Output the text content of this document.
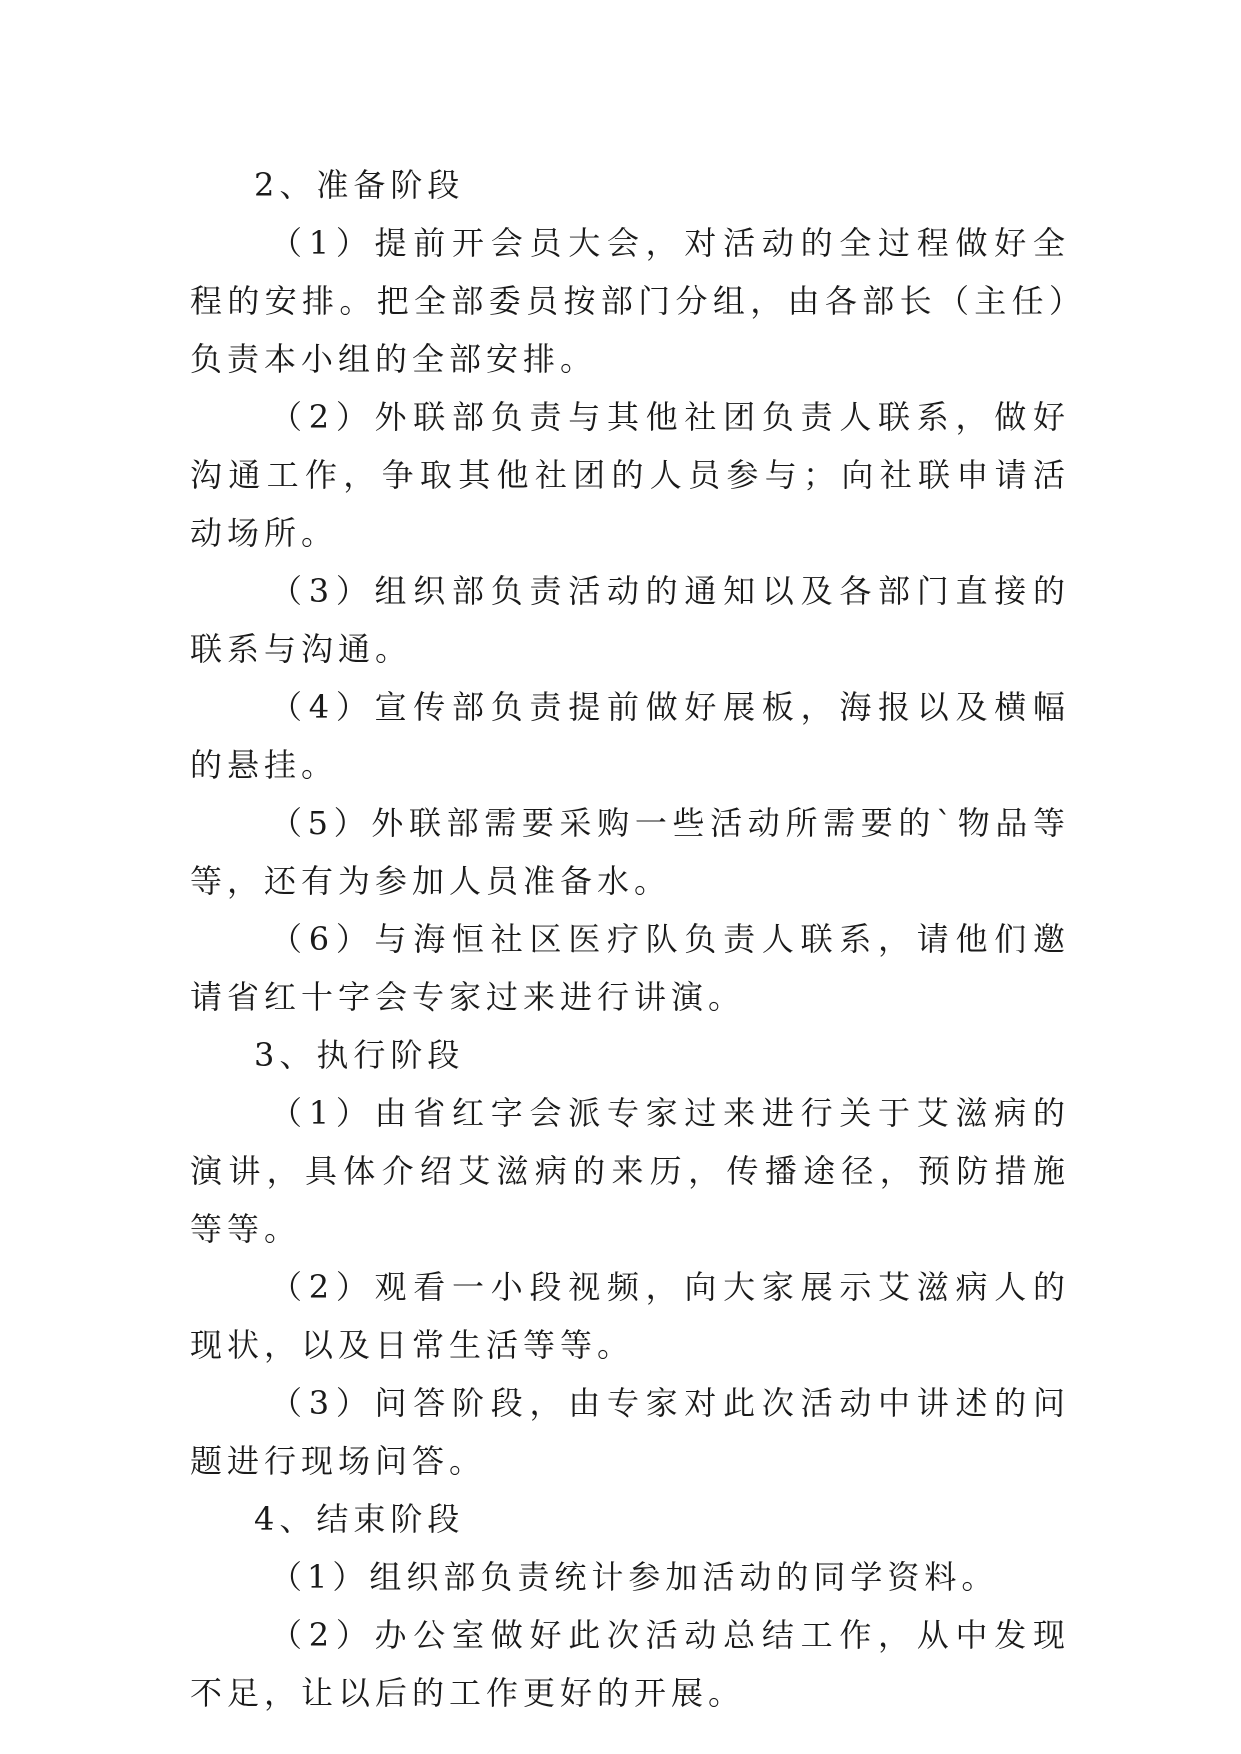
2、准备阶段

（1）提前开会员大会，对活动的全过程做好全程的安排。把全部委员按部门分组，由各部长（主任）负责本小组的全部安排。

（2）外联部负责与其他社团负责人联系，做好沟通工作，争取其他社团的人员参与；向社联申请活动场所。

（3）组织部负责活动的通知以及各部门直接的联系与沟通。

（4）宣传部负责提前做好展板，海报以及横幅的悬挂。

（5）外联部需要采购一些活动所需要的`物品等等，还有为参加人员准备水。

（6）与海恒社区医疗队负责人联系，请他们邀请省红十字会专家过来进行讲演。

3、执行阶段

（1）由省红字会派专家过来进行关于艾滋病的演讲，具体介绍艾滋病的来历，传播途径，预防措施等等。

（2）观看一小段视频，向大家展示艾滋病人的现状，以及日常生活等等。

（3）问答阶段，由专家对此次活动中讲述的问题进行现场问答。

4、结束阶段

（1）组织部负责统计参加活动的同学资料。

（2）办公室做好此次活动总结工作，从中发现不足，让以后的工作更好的开展。
